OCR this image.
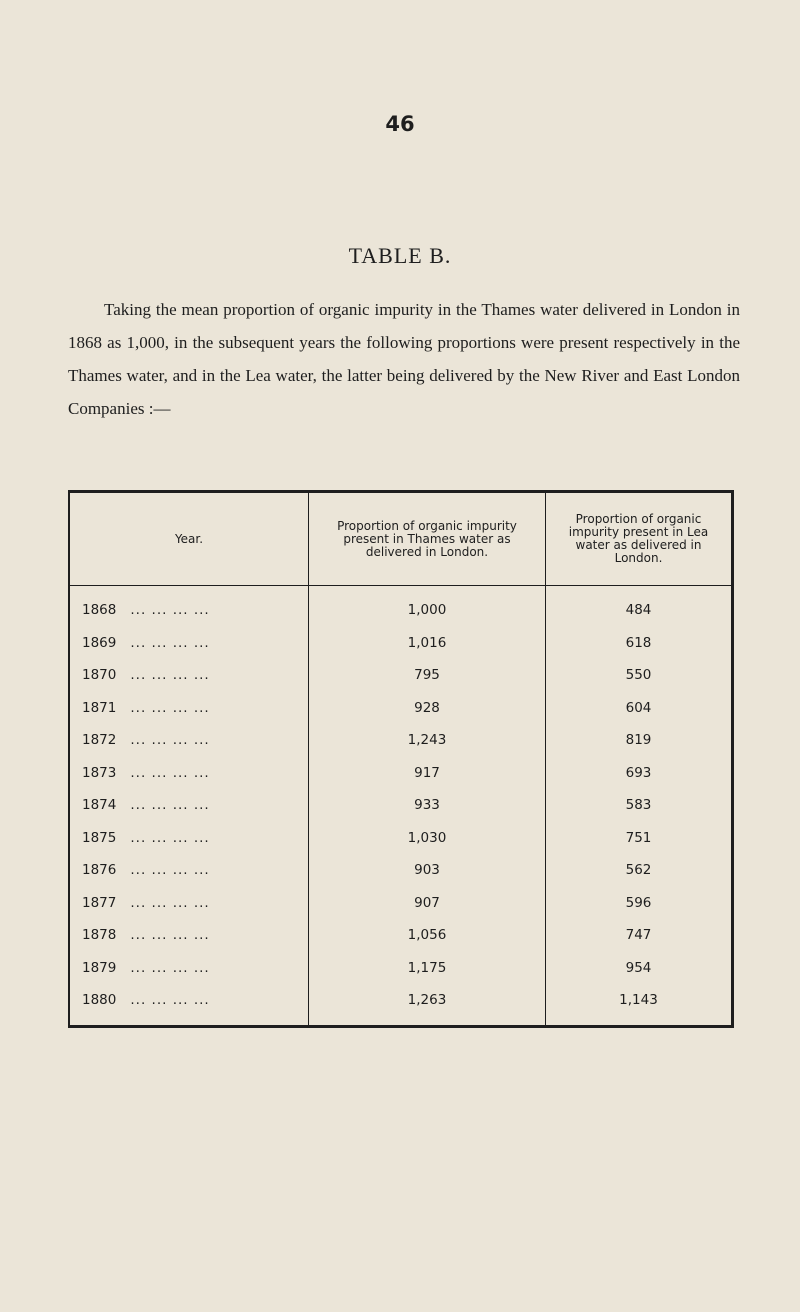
46
TABLE B.

Taking the mean proportion of organic impurity in the Thames water delivered in London in 1868 as 1,000, in the subsequent years the following proportions were present respectively in the Thames water, and in the Lea water, the latter being delivered by the New River and East London Companies :—

Year.	Proportion of organic impurity present in Thames water as delivered in London.	Proportion of organic impurity present in Lea water as delivered in London.
1868 ... ... ... ...	1,000	484
1869 ... ... ... ...	1,016	618
1870 ... ... ... ...	795	550
1871 ... ... ... ...	928	604
1872 ... ... ... ...	1,243	819
1873 ... ... ... ...	917	693
1874 ... ... ... ...	933	583
1875 ... ... ... ...	1,030	751
1876 ... ... ... ...	903	562
1877 ... ... ... ...	907	596
1878 ... ... ... ...	1,056	747
1879 ... ... ... ...	1,175	954
1880 ... ... ... ...	1,263	1,143
